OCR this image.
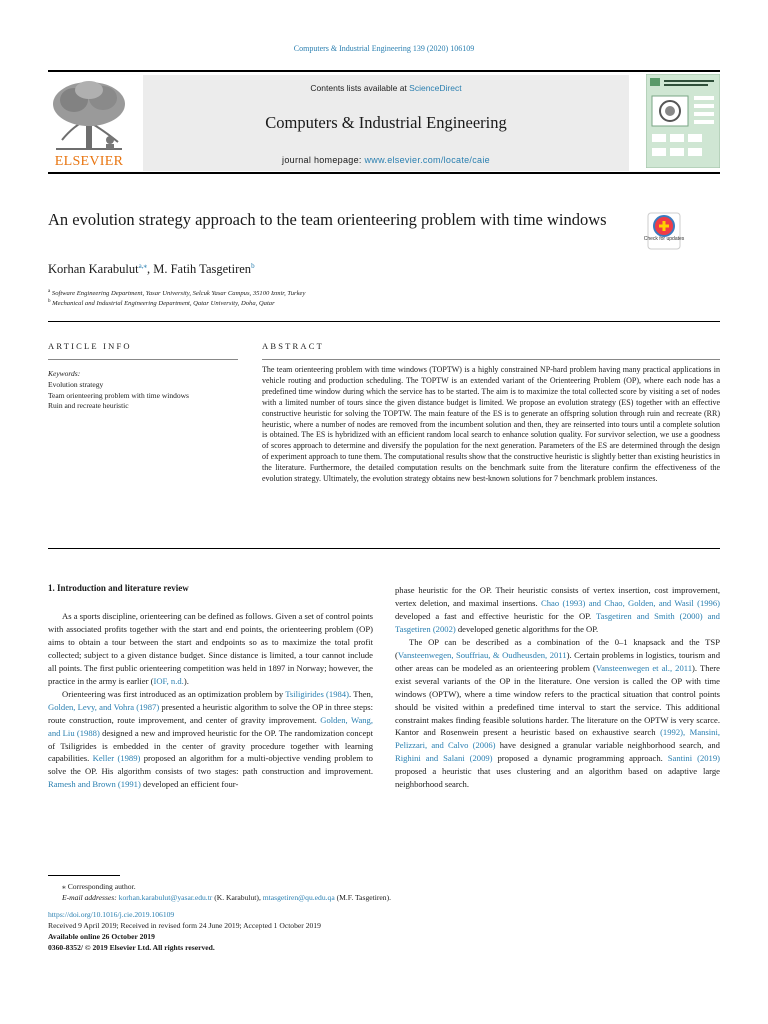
Computers & Industrial Engineering 139 (2020) 106109
ELSEVIER
Contents lists available at ScienceDirect
Computers & Industrial Engineering
journal homepage: www.elsevier.com/locate/caie
An evolution strategy approach to the team orienteering problem with time windows
Check for updates
Korhan Karabulut$^{a,⁎}$, M. Fatih Tasgetiren$^b$
$^a$ Software Engineering Department, Yasar University, Selcuk Yasar Campus, 35100 Izmir, Turkey
$^b$ Mechanical and Industrial Engineering Department, Qatar University, Doha, Qatar
ARTICLE INFO
Keywords:
Evolution strategy
Team orienteering problem with time windows
Ruin and recreate heuristic
ABSTRACT
The team orienteering problem with time windows (TOPTW) is a highly constrained NP-hard problem having many practical applications in vehicle routing and production scheduling. The TOPTW is an extended variant of the Orienteering Problem (OP), where each node has a predefined time window during which the service has to be started. The aim is to maximize the total collected score by visiting a set of nodes with a limited number of tours since the given distance budget is limited. We propose an evolution strategy (ES) together with an effective constructive heuristic for solving the TOPTW. The main feature of the ES is to generate an offspring solution through ruin and recreate (RR) heuristic, where a number of nodes are removed from the incumbent solution and then, they are reinserted into tours until a complete solution is obtained. The ES is hybridized with an efficient random local search to enhance solution quality. For survivor selection, we use a goodness of scores approach to determine and diversify the population for the next generation. Parameters of the ES are determined through the design of experiment approach to tune them. The computational results show that the constructive heuristic is slightly better than existing heuristics in the literature. Furthermore, the detailed computation results on the benchmark suite from the literature confirm the effectiveness of the evolution strategy. Ultimately, the evolution strategy obtains new best-known solutions for 7 benchmark problem instances.
1. Introduction and literature review

As a sports discipline, orienteering can be defined as follows. Given a set of control points with associated profits together with the start and end points, the orienteering problem (OP) aims to obtain a tour between the start and endpoints so as to maximize the total profit collected; subject to a given distance budget. Since distance is limited, a tour cannot include all points. The first public orienteering competition was held in 1897 in Norway; however, the practice in the army is earlier (IOF, n.d.).

Orienteering was first introduced as an optimization problem by Tsiligirides (1984). Then, Golden, Levy, and Vohra (1987) presented a heuristic algorithm to solve the OP in three steps: route construction, route improvement, and center of gravity improvement. Golden, Wang, and Liu (1988) designed a new and improved heuristic for the OP. The randomization concept of Tsiligrides is embedded in the center of gravity procedure together with learning capabilities. Keller (1989) proposed an algorithm for a multi-objective vending problem to solve the OP. His algorithm consists of two stages: path construction and improvement. Ramesh and Brown (1991) developed an efficient four-

phase heuristic for the OP. Their heuristic consists of vertex insertion, cost improvement, vertex deletion, and maximal insertions. Chao (1993) and Chao, Golden, and Wasil (1996) developed a fast and effective heuristic for the OP. Tasgetiren and Smith (2000) and Tasgetiren (2002) developed genetic algorithms for the OP.

The OP can be described as a combination of the 0–1 knapsack and the TSP (Vansteenwegen, Souffriau, & Oudheusden, 2011). Certain problems in logistics, tourism and other areas can be modeled as an orienteering problem (Vansteenwegen et al., 2011). There exist several variants of the OP in the literature. One version is called the OP with time windows (OPTW), where a time window refers to the practical situation that control points should be visited within a predefined time interval to start the service. This additional constraint makes finding feasible solutions harder. The literature on the OPTW is very scarce. Kantor and Rosenwein present a heuristic based on exhaustive search (1992), Mansini, Pelizzari, and Calvo (2006) have designed a granular variable neighborhood search, and Righini and Salani (2009) proposed a dynamic programming approach. Santini (2019) proposed a heuristic that uses clustering and an algorithm based on adaptive large neighborhood search.

⁎ Corresponding author.
E-mail addresses: korhan.karabulut@yasar.edu.tr (K. Karabulut), mtasgetiren@qu.edu.qa (M.F. Tasgetiren).
https://doi.org/10.1016/j.cie.2019.106109
Received 9 April 2019; Received in revised form 24 June 2019; Accepted 1 October 2019
Available online 26 October 2019
0360-8352/ © 2019 Elsevier Ltd. All rights reserved.
